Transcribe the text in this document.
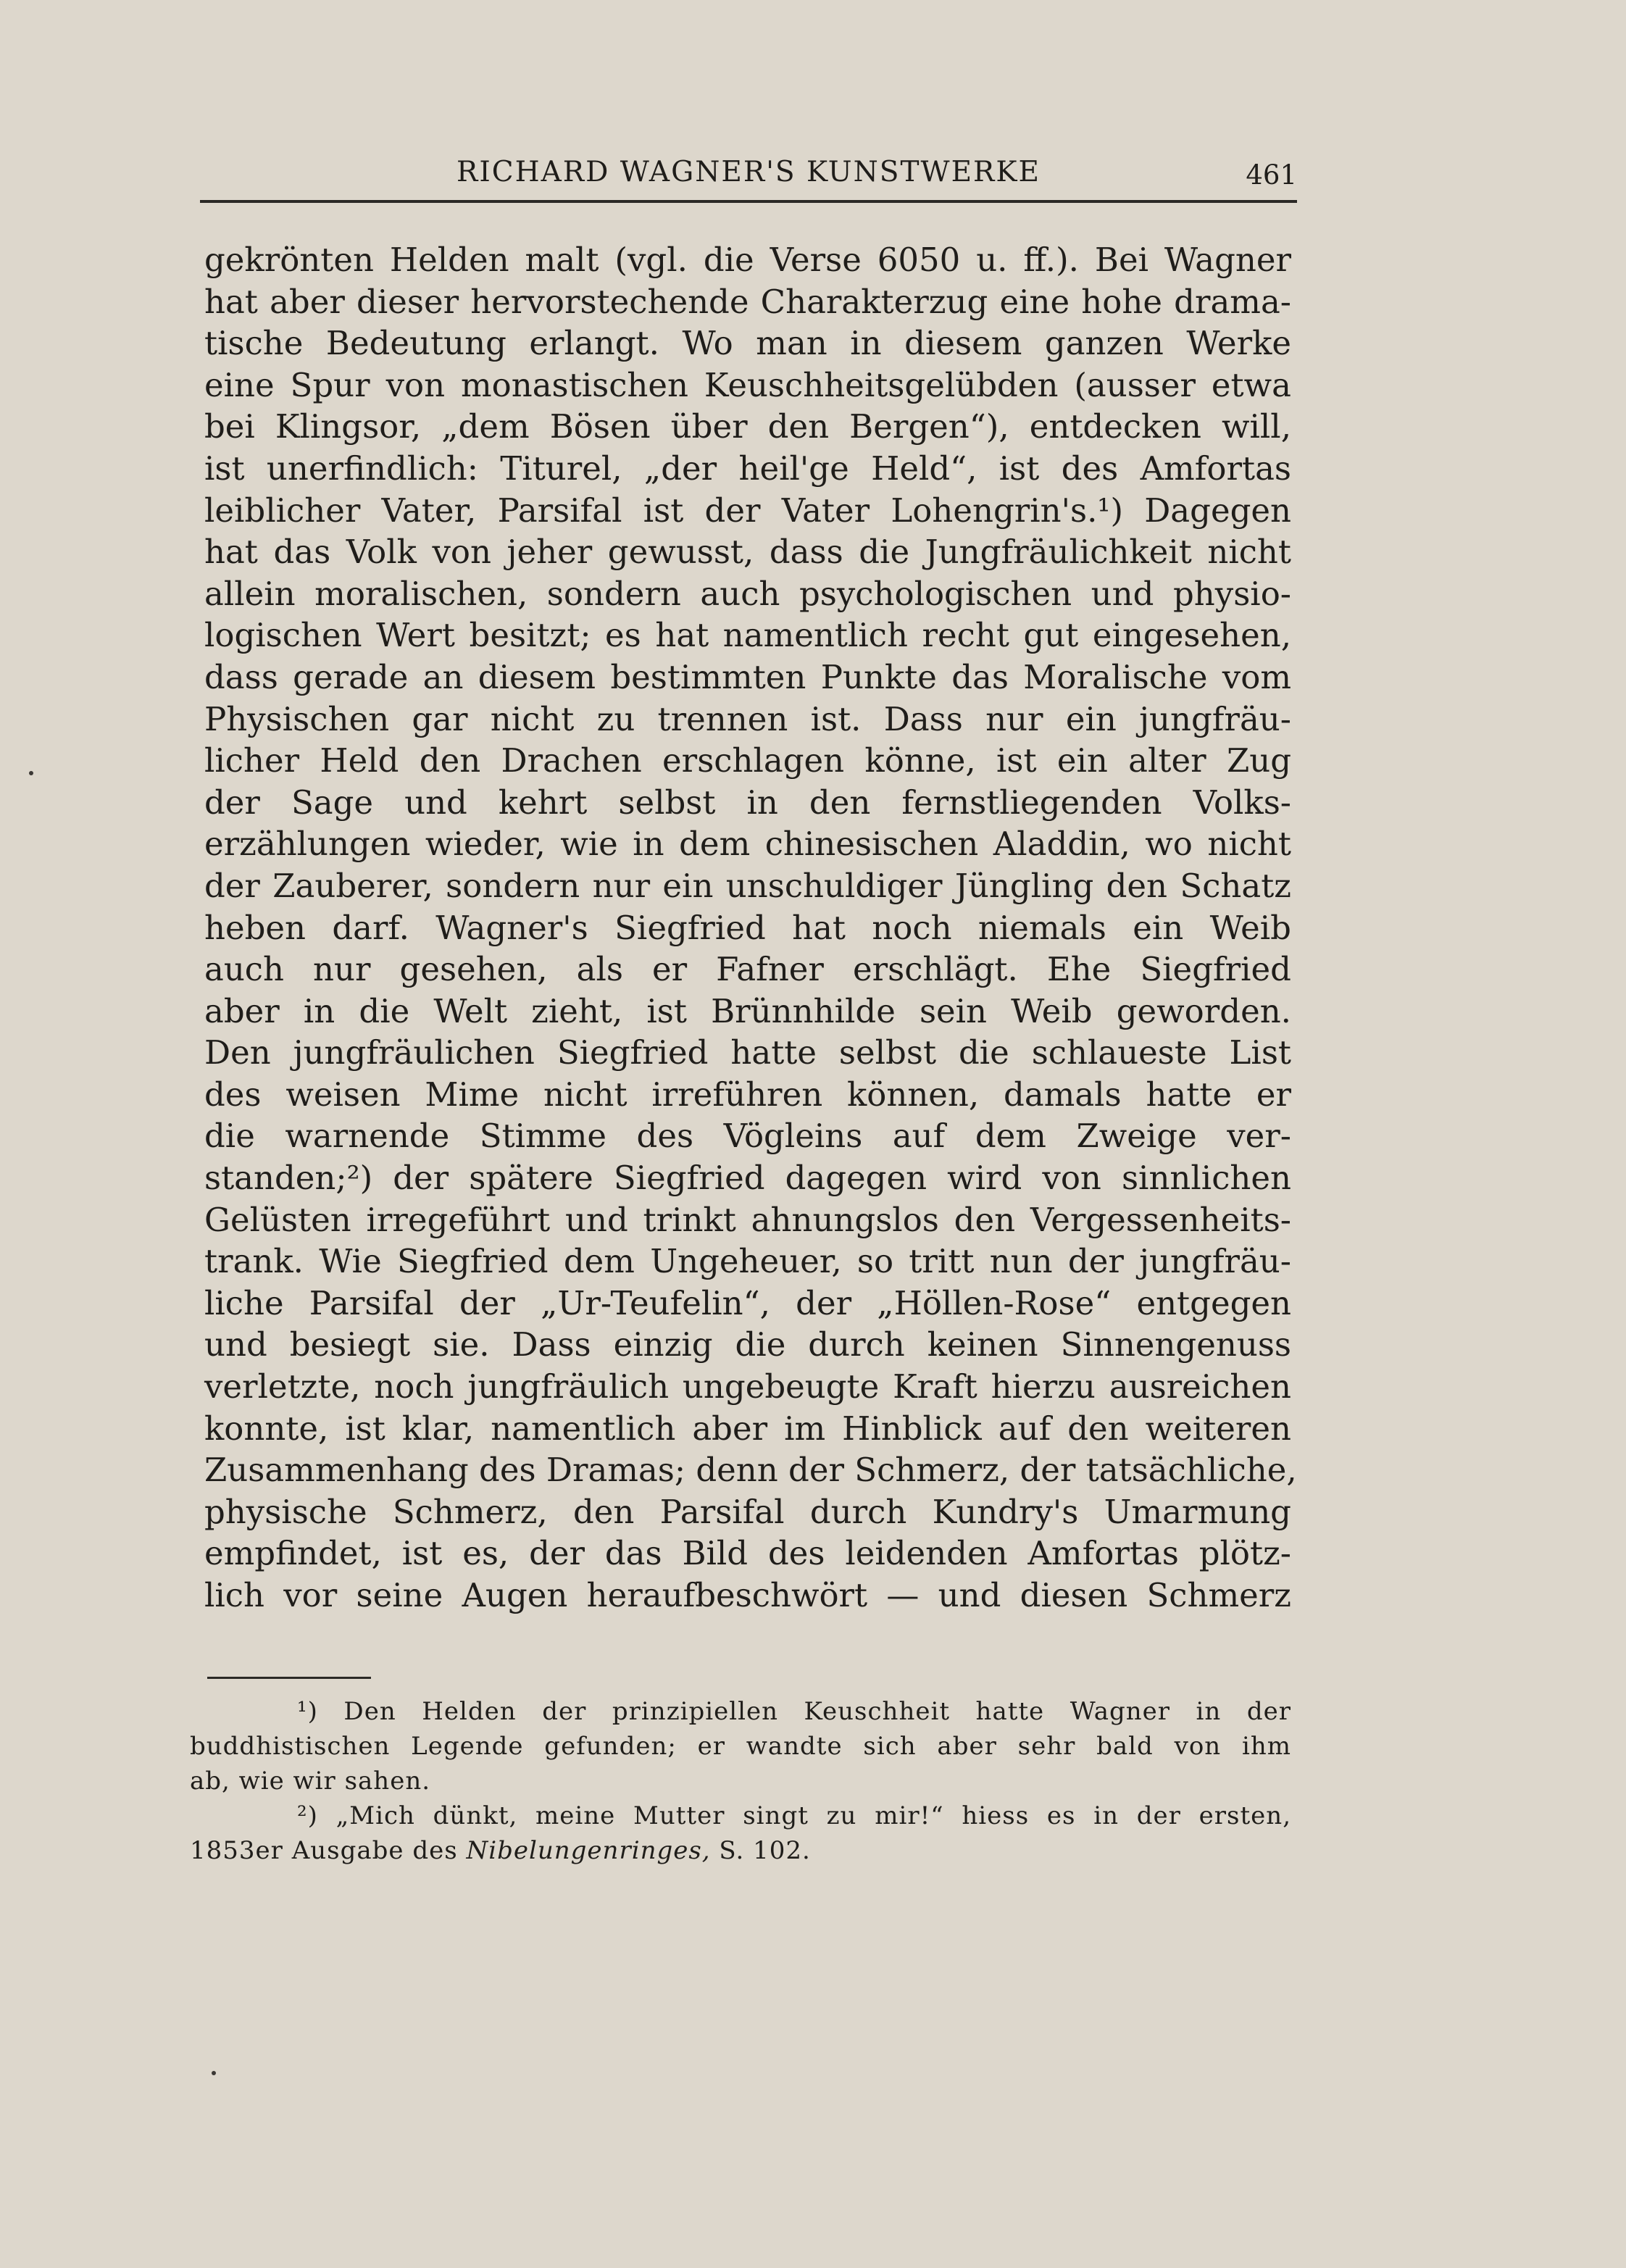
RICHARD WAGNER'S KUNSTWERKE	461
gekrönten Helden malt (vgl. die Verse 6050 u. ff.). Bei Wagner
hat aber dieser hervorstechende Charakterzug eine hohe drama-
tische Bedeutung erlangt. Wo man in diesem ganzen Werke
eine Spur von monastischen Keuschheitsgelübden (ausser etwa
bei Klingsor, „dem Bösen über den Bergen“), entdecken will,
ist unerfindlich: Titurel, „der heil'ge Held“, ist des Amfortas
leiblicher Vater, Parsifal ist der Vater Lohengrin's.¹) Dagegen
hat das Volk von jeher gewusst, dass die Jungfräulichkeit nicht
allein moralischen, sondern auch psychologischen und physio-
logischen Wert besitzt; es hat namentlich recht gut eingesehen,
dass gerade an diesem bestimmten Punkte das Moralische vom
Physischen gar nicht zu trennen ist. Dass nur ein jungfräu-
licher Held den Drachen erschlagen könne, ist ein alter Zug
der Sage und kehrt selbst in den fernstliegenden Volks-
erzählungen wieder, wie in dem chinesischen Aladdin, wo nicht
der Zauberer, sondern nur ein unschuldiger Jüngling den Schatz
heben darf. Wagner's Siegfried hat noch niemals ein Weib
auch nur gesehen, als er Fafner erschlägt. Ehe Siegfried
aber in die Welt zieht, ist Brünnhilde sein Weib geworden.
Den jungfräulichen Siegfried hatte selbst die schlaueste List
des weisen Mime nicht irreführen können, damals hatte er
die warnende Stimme des Vögleins auf dem Zweige ver-
standen;²) der spätere Siegfried dagegen wird von sinnlichen
Gelüsten irregeführt und trinkt ahnungslos den Vergessenheits-
trank. Wie Siegfried dem Ungeheuer, so tritt nun der jungfräu-
liche Parsifal der „Ur-Teufelin“, der „Höllen-Rose“ entgegen
und besiegt sie. Dass einzig die durch keinen Sinnengenuss
verletzte, noch jungfräulich ungebeugte Kraft hierzu ausreichen
konnte, ist klar, namentlich aber im Hinblick auf den weiteren
Zusammenhang des Dramas; denn der Schmerz, der tatsächliche,
physische Schmerz, den Parsifal durch Kundry's Umarmung
empfindet, ist es, der das Bild des leidenden Amfortas plötz-
lich vor seine Augen heraufbeschwört — und diesen Schmerz
¹) Den Helden der prinzipiellen Keuschheit hatte Wagner in der
buddhistischen Legende gefunden; er wandte sich aber sehr bald von ihm
ab, wie wir sahen.
²) „Mich dünkt, meine Mutter singt zu mir!“ hiess es in der ersten,
1853er Ausgabe des Nibelungenringes, S. 102.
